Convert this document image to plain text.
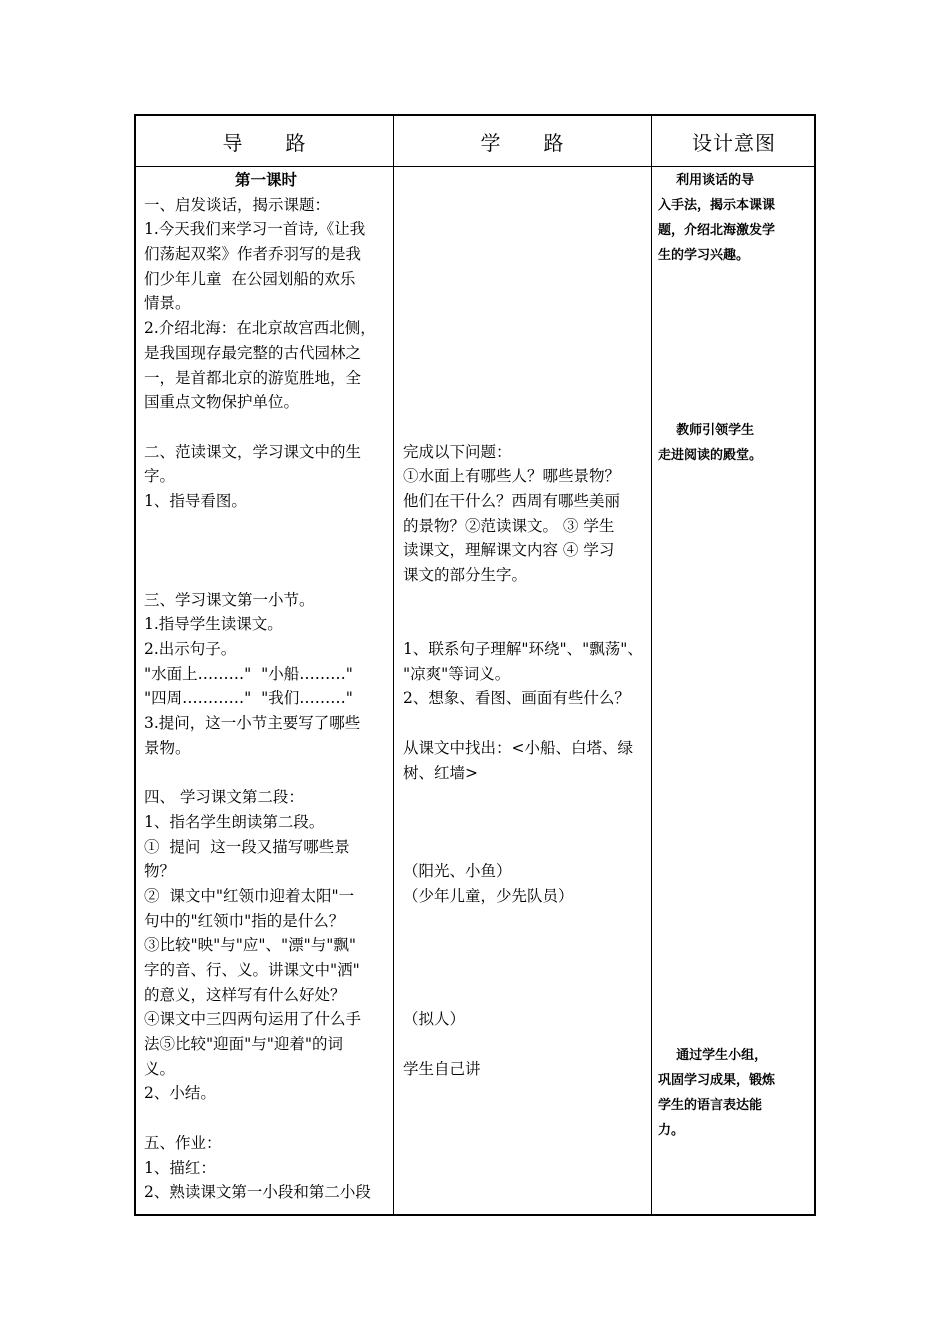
导　　路	学　　路	设计意图
第一课时
一、启发谈话，揭示课题：
1.今天我们来学习一首诗,《让我
们荡起双桨》作者乔羽写的是我
们少年儿童  在公园划船的欢乐
情景。
2.介绍北海：在北京故宫西北侧，
是我国现存最完整的古代园林之
一，是首都北京的游览胜地，全
国重点文物保护单位。
二、范读课文，学习课文中的生
字。
1、指导看图。
三、学习课文第一小节。
1.指导学生读课文。
2.出示句子。
"水面上………"  "小船………"
"四周…………"  "我们………"
3.提问，这一小节主要写了哪些
景物。
四、 学习课文第二段：
1、指名学生朗读第二段。
①  提问  这一段又描写哪些景
物？
②  课文中"红领巾迎着太阳"一
句中的"红领巾"指的是什么？
③比较"映"与"应"、"漂"与"飘"
字的音、行、义。讲课文中"洒"
的意义，这样写有什么好处？
④课文中三四两句运用了什么手
法⑤比较"迎面"与"迎着"的词
义。
2、小结。
五、作业：
1、描红：
2、熟读课文第一小段和第二小段
完成以下问题：
①水面上有哪些人？哪些景物？
他们在干什么？西周有哪些美丽
的景物？②范读课文。 ③ 学生
读课文，理解课文内容 ④ 学习
课文的部分生字。
1、联系句子理解"环绕"、"飘荡"、
"凉爽"等词义。
2、想象、看图、画面有些什么？
从课文中找出：<小船、白塔、绿
树、红墙>
（阳光、小鱼）
（少年儿童，少先队员）
（拟人）
学生自己讲
利用谈话的导
入手法，揭示本课课
题，介绍北海激发学
生的学习兴趣。
教师引领学生
走进阅读的殿堂。
通过学生小组，
巩固学习成果，锻炼
学生的语言表达能
力。
